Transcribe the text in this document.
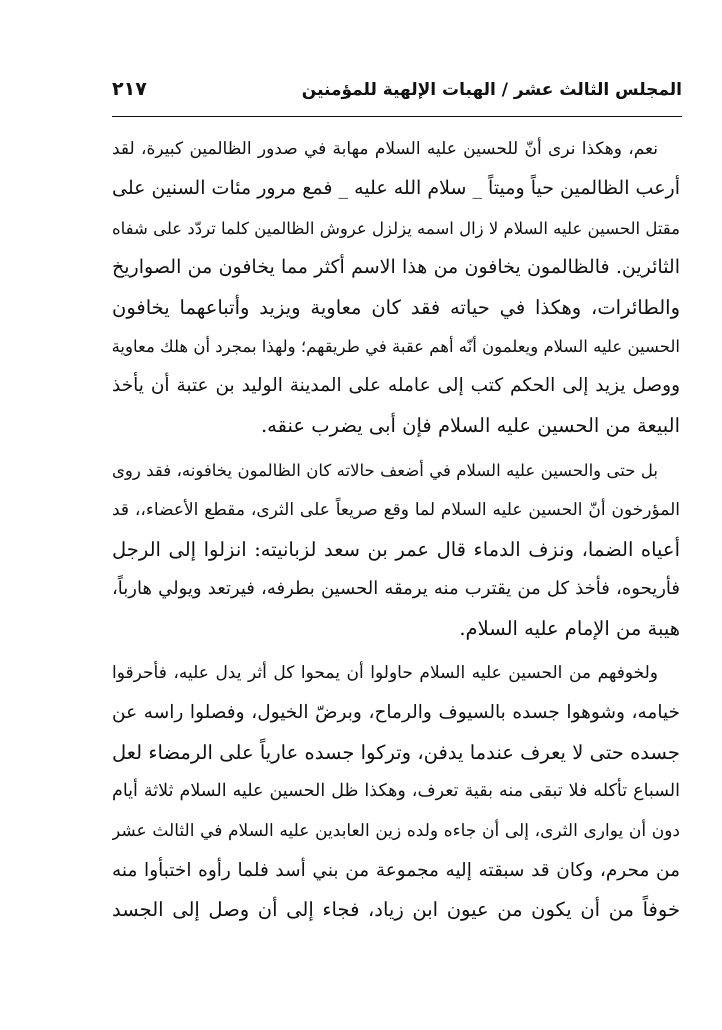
المجلس الثالث عشر / الهبات الإلهية للمؤمنين
٢١٧
نعم، وهكذا نرى أنّ للحسين عليه السلام مهابة في صدور الظالمين كبيرة، لقد
أرعب الظالمين حياً وميتاً _ سلام الله عليه _ فمع مرور مئات السنين على
مقتل الحسين عليه السلام لا زال اسمه يزلزل عروش الظالمين كلما تردّد على شفاه
الثائرين. فالظالمون يخافون من هذا الاسم أكثر مما يخافون من الصواريخ
والطائرات، وهكذا في حياته فقد كان معاوية ويزيد وأتباعهما يخافون
الحسين عليه السلام ويعلمون أنّه أهم عقبة في طريقهم؛ ولهذا بمجرد أن هلك معاوية
ووصل يزيد إلى الحكم كتب إلى عامله على المدينة الوليد بن عتبة أن يأخذ
البيعة من الحسين عليه السلام فإن أبى يضرب عنقه.
بل حتى والحسين عليه السلام في أضعف حالاته كان الظالمون يخافونه، فقد روى
المؤرخون أنّ الحسين عليه السلام لما وقع صريعاً على الثرى، مقطع الأعضاء،، قد
أعياه الضما، ونزف الدماء قال عمر بن سعد لزبانيته: انزلوا إلى الرجل
فأريحوه، فأخذ كل من يقترب منه يرمقه الحسين بطرفه، فيرتعد ويولي هارباً،
هيبة من الإمام عليه السلام.
ولخوفهم من الحسين عليه السلام حاولوا أن يمحوا كل أثر يدل عليه، فأحرقوا
خيامه، وشوهوا جسده بالسيوف والرماح، وبرضّ الخيول، وفصلوا راسه عن
جسده حتى لا يعرف عندما يدفن، وتركوا جسده عارياً على الرمضاء لعل
السباع تأكله فلا تبقى منه بقية تعرف، وهكذا ظل الحسين عليه السلام ثلاثة أيام
دون أن يوارى الثرى، إلى أن جاءه ولده زين العابدين عليه السلام في الثالث عشر
من محرم، وكان قد سبقته إليه مجموعة من بني أسد فلما رأوه اختبأوا منه
خوفاً من أن يكون من عيون ابن زياد، فجاء إلى أن وصل إلى الجسد
